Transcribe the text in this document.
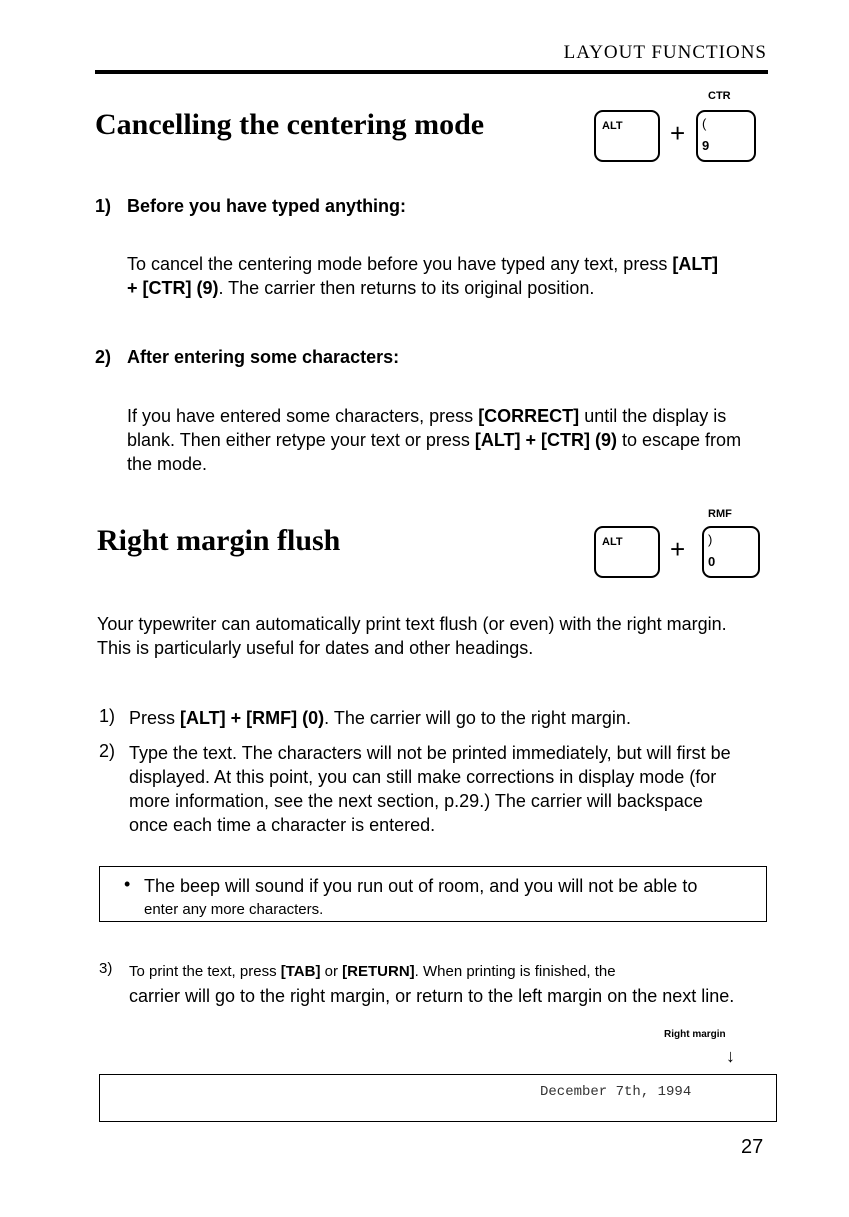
LAYOUT FUNCTIONS
Cancelling the centering mode	ALT +
CTR
(
9
1) Before you have typed anything:
To cancel the centering mode before you have typed any text, press [ALT]
+ [CTR] (9). The carrier then returns to its original position.
2) After entering some characters:
If you have entered some characters, press [CORRECT] until the display is
blank. Then either retype your text or press [ALT] + [CTR] (9) to escape from
the mode.
Right margin flush	ALT +
RMF
)
0
Your typewriter can automatically print text flush (or even) with the right margin.
This is particularly useful for dates and other headings.
1) Press [ALT] + [RMF] (0). The carrier will go to the right margin.
2) Type the text. The characters will not be printed immediately, but will first be
displayed. At this point, you can still make corrections in display mode (for
more information, see the next section, p.29.) The carrier will backspace
once each time a character is entered.
• The beep will sound if you run out of room, and you will not be able to
enter any more characters.
3) To print the text, press [TAB] or [RETURN]. When printing is finished, the
carrier will go to the right margin, or return to the left margin on the next line.
Right margin
↓
December 7th, 1994
27
